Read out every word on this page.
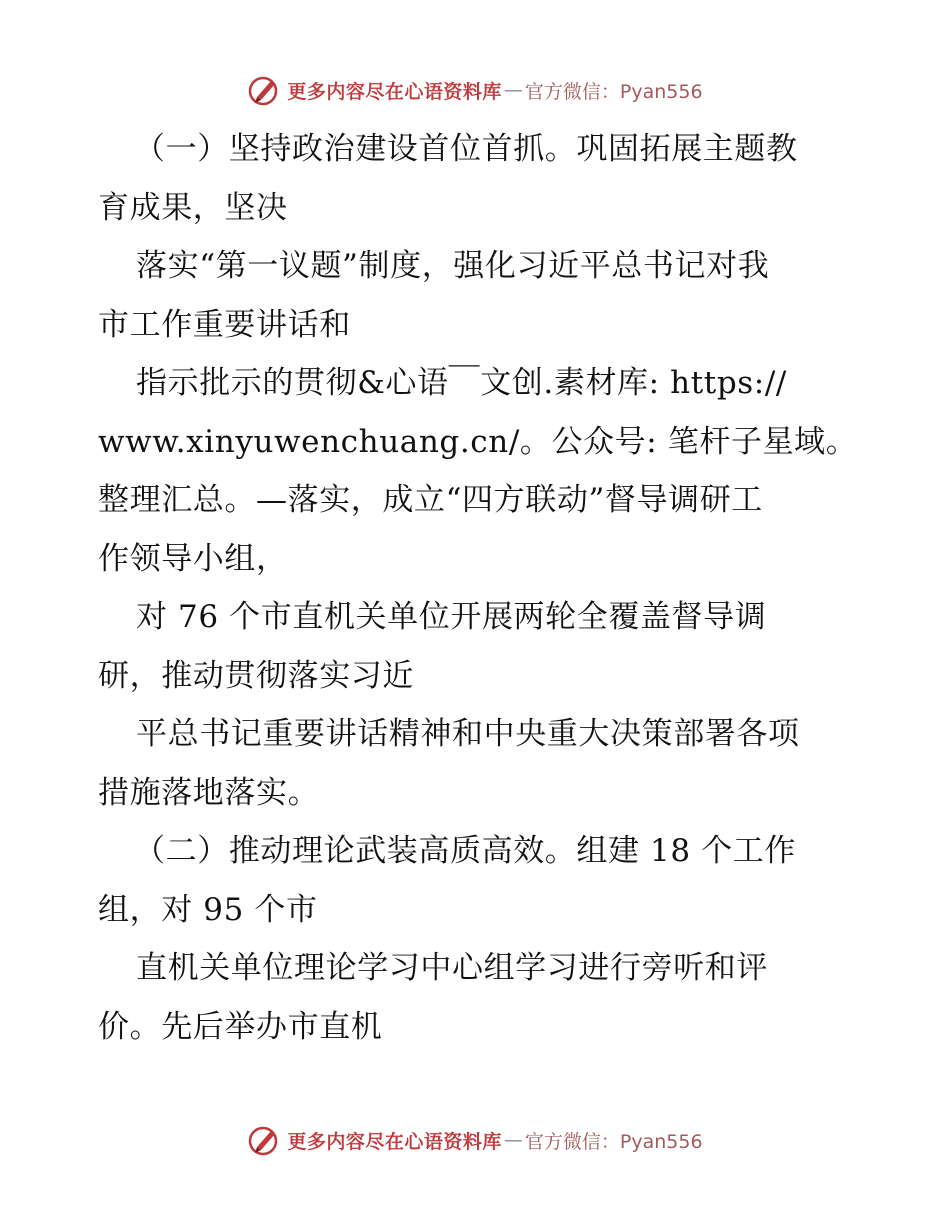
更多内容尽在心语资料库 — 官方微信：Pyan556
（一）坚持政治建设首位首抓。巩固拓展主题教
育成果，坚决
落实“第一议题”制度，强化习近平总书记对我
市工作重要讲话和
指示批示的贯彻&心语￣文创.素材库: https://
www.xinyuwenchuang.cn/。公众号: 笔杆子星域。
整理汇总。—落实，成立“四方联动”督导调研工
作领导小组，
对 76 个市直机关单位开展两轮全覆盖督导调
研，推动贯彻落实习近
平总书记重要讲话精神和中央重大决策部署各项
措施落地落实。
（二）推动理论武装高质高效。组建 18 个工作
组，对 95 个市
直机关单位理论学习中心组学习进行旁听和评
价。先后举办市直机
更多内容尽在心语资料库 — 官方微信：Pyan556
